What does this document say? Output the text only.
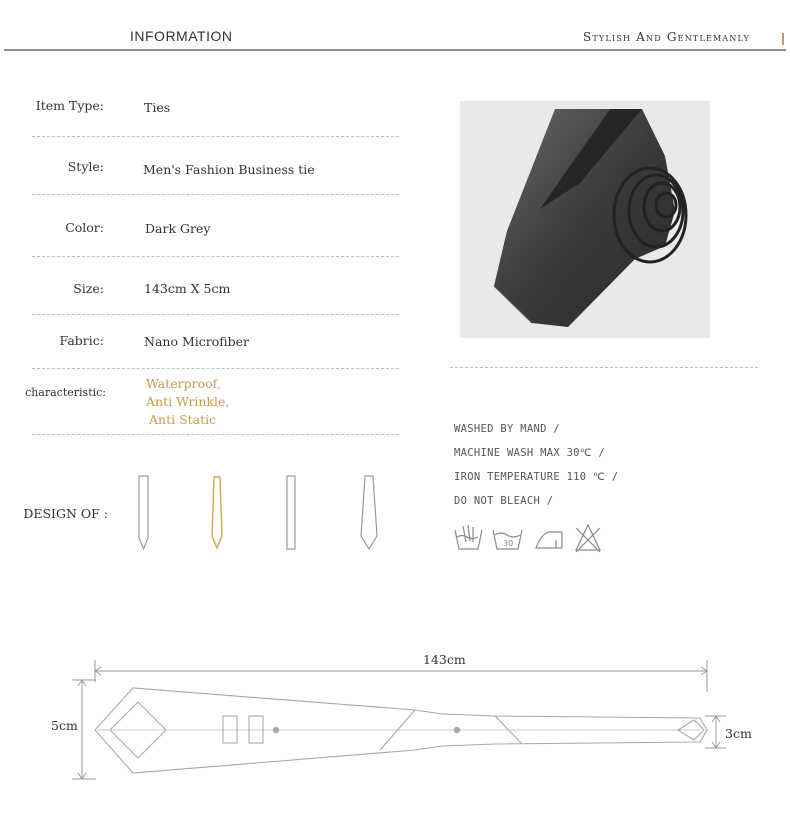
INFORMATION	Stylish And Gentlemanly
Item Type:	Ties
Style:	Men's Fashion Business tie
Color:	Dark Grey
Size:	143cm X 5cm
Fabric:	Nano Microfiber
characteristic:
Waterproof,
Anti Wrinkle,
Anti Static
DESIGN OF :
WASHED BY MAND /
MACHINE WASH MAX 30℃ /
IRON TEMPERATURE 110 ℃ /
DO NOT BLEACH /
30
143cm
5cm
3cm
